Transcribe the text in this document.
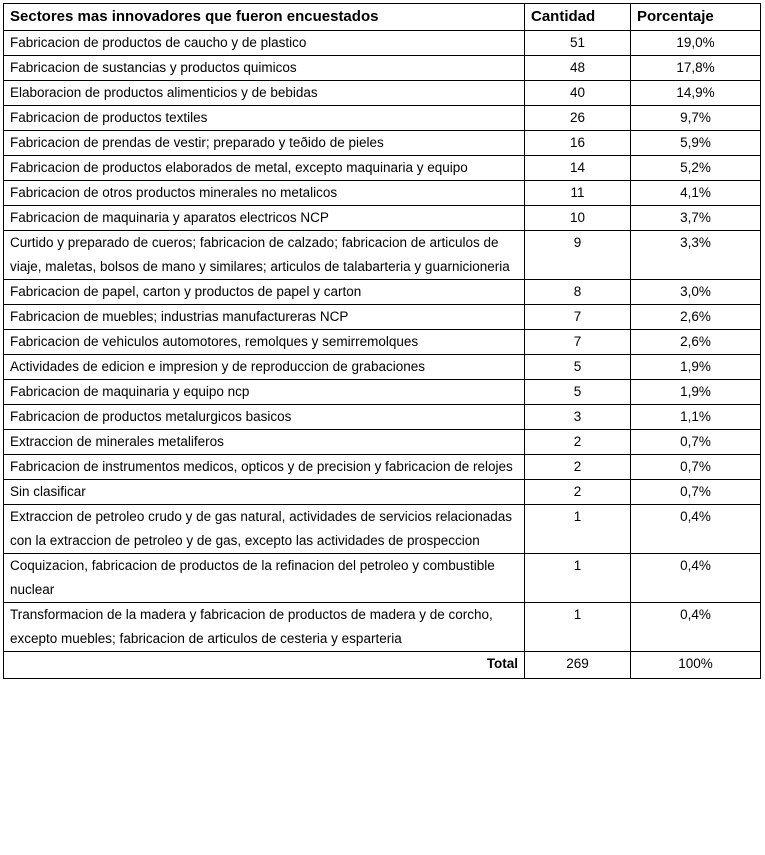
Sectores mas innovadores que fueron encuestados	Cantidad	Porcentaje
Fabricacion de productos de caucho y de plastico	51	19,0%
Fabricacion de sustancias y productos quimicos	48	17,8%
Elaboracion de productos alimenticios y de bebidas	40	14,9%
Fabricacion de productos textiles	26	9,7%
Fabricacion de prendas de vestir; preparado y teðido de pieles	16	5,9%
Fabricacion de productos elaborados de metal, excepto maquinaria y equipo	14	5,2%
Fabricacion de otros productos minerales no metalicos	11	4,1%
Fabricacion de maquinaria y aparatos electricos NCP	10	3,7%
Curtido y preparado de cueros; fabricacion de calzado; fabricacion de articulos de viaje, maletas, bolsos de mano y similares; articulos de talabarteria y guarnicioneria	9	3,3%
Fabricacion de papel, carton y productos de papel y carton	8	3,0%
Fabricacion de muebles; industrias manufactureras NCP	7	2,6%
Fabricacion de vehiculos automotores, remolques y semirremolques	7	2,6%
Actividades de edicion e impresion y de reproduccion de grabaciones	5	1,9%
Fabricacion de maquinaria y equipo ncp	5	1,9%
Fabricacion de productos metalurgicos basicos	3	1,1%
Extraccion de minerales metaliferos	2	0,7%
Fabricacion de instrumentos medicos, opticos y de precision y fabricacion de relojes	2	0,7%
Sin clasificar	2	0,7%
Extraccion de petroleo crudo y de gas natural, actividades de servicios relacionadas con la extraccion de petroleo y de gas, excepto las actividades de prospeccion	1	0,4%
Coquizacion, fabricacion de productos de la refinacion del petroleo y combustible nuclear	1	0,4%
Transformacion de la madera y fabricacion de productos de madera y de corcho, excepto muebles; fabricacion de articulos de cesteria y esparteria	1	0,4%
Total	269	100%
